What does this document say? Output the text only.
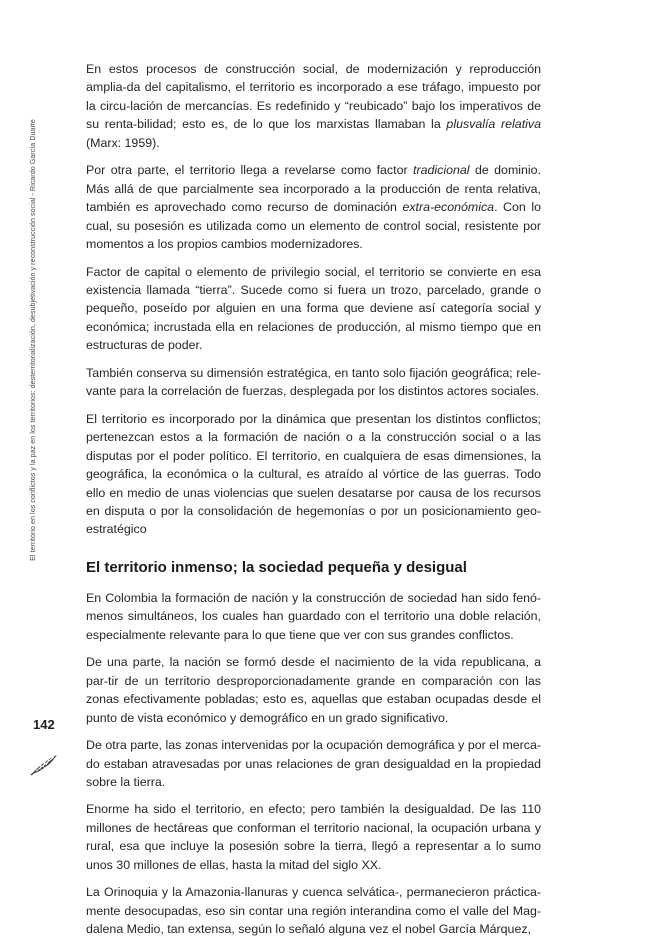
El territorio en los conflictos y la paz en los territorios: desterritorialización, desubjetivación y reconstrucción social - Ricardo García Duarte
142

En estos procesos de construcción social, de modernización y reproducción amplia-da del capitalismo, el territorio es incorporado a ese tráfago, impuesto por la circu-lación de mercancías. Es redefinido y “reubicado” bajo los imperativos de su renta-bilidad; esto es, de lo que los marxistas llamaban la plusvalía relativa (Marx: 1959).

Por otra parte, el territorio llega a revelarse como factor tradicional de dominio. Más allá de que parcialmente sea incorporado a la producción de renta relativa, también es aprovechado como recurso de dominación extra-económica. Con lo cual, su posesión es utilizada como un elemento de control social, resistente por momentos a los propios cambios modernizadores.

Factor de capital o elemento de privilegio social, el territorio se convierte en esa existencia llamada “tierra”. Sucede como si fuera un trozo, parcelado, grande o pequeño, poseído por alguien en una forma que deviene así categoría social y económica; incrustada ella en relaciones de producción, al mismo tiempo que en estructuras de poder.

También conserva su dimensión estratégica, en tanto solo fijación geográfica; rele-vante para la correlación de fuerzas, desplegada por los distintos actores sociales.

El territorio es incorporado por la dinámica que presentan los distintos conflictos; pertenezcan estos a la formación de nación o a la construcción social o a las disputas por el poder político. El territorio, en cualquiera de esas dimensiones, la geográfica, la económica o la cultural, es atraído al vórtice de las guerras. Todo ello en medio de unas violencias que suelen desatarse por causa de los recursos en disputa o por la consolidación de hegemonías o por un posicionamiento geo-estratégico

El territorio inmenso; la sociedad pequeña y desigual

En Colombia la formación de nación y la construcción de sociedad han sido fenó-menos simultáneos, los cuales han guardado con el territorio una doble relación, especialmente relevante para lo que tiene que ver con sus grandes conflictos.

De una parte, la nación se formó desde el nacimiento de la vida republicana, a par-tir de un territorio desproporcionadamente grande en comparación con las zonas efectivamente pobladas; esto es, aquellas que estaban ocupadas desde el punto de vista económico y demográfico en un grado significativo.

De otra parte, las zonas intervenidas por la ocupación demográfica y por el merca-do estaban atravesadas por unas relaciones de gran desigualdad en la propiedad sobre la tierra.

Enorme ha sido el territorio, en efecto; pero también la desigualdad. De las 110 millones de hectáreas que conforman el territorio nacional, la ocupación urbana y rural, esa que incluye la posesión sobre la tierra, llegó a representar a lo sumo unos 30 millones de ellas, hasta la mitad del siglo XX.

La Orinoquia y la Amazonia-llanuras y cuenca selvática-, permanecieron práctica-mente desocupadas, eso sin contar una región interandina como el valle del Mag-dalena Medio, tan extensa, según lo señaló alguna vez el nobel García Márquez,
